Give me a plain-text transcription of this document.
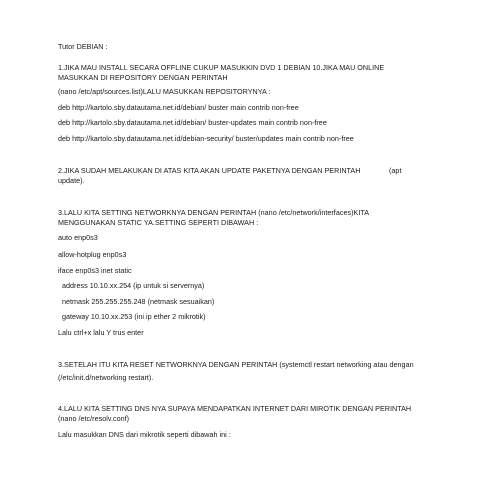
Tutor DEBIAN :
1.JIKA MAU INSTALL SECARA OFFLINE CUKUP MASUKKIN DVD 1 DEBIAN 10.JIKA MAU ONLINE
MASUKKAN DI REPOSITORY DENGAN PERINTAH
(nano /etc/apt/sources.list)LALU MASUKKAN REPOSITORYNYA :
deb http://kartolo.sby.datautama.net.id/debian/ buster main contrib non-free
deb http://kartolo.sby.datautama.net.id/debian/ buster-updates main contrib non-free
deb http://kartolo.sby.datautama.net.id/debian-security/ buster/updates main contrib non-free
2.JIKA SUDAH MELAKUKAN DI ATAS KITA AKAN UPDATE PAKETNYA DENGAN PERINTAH	(apt
update).
3.LALU KITA SETTING NETWORKNYA DENGAN PERINTAH (nano /etc/network/interfaces)KITA
MENGGUNAKAN STATIC YA.SETTING SEPERTI DIBAWAH :
auto enp0s3
allow-hotplug enp0s3
iface enp0s3 inet static
address 10.10.xx.254 (ip untuk si servernya)
netmask 255.255.255.248 (netmask sesuaikan)
gateway 10.10.xx.253 (ini ip ether 2 mikrotik)
Lalu ctrl+x lalu Y trus enter
3.SETELAH ITU KITA RESET NETWORKNYA DENGAN PERINTAH (systemctl restart networking atau dengan
(/etc/init.d/networking restart).
4.LALU KITA SETTING DNS NYA SUPAYA MENDAPATKAN INTERNET DARI MIROTIK DENGAN PERINTAH
(nano /etc/resolv.conf)
Lalu masukkan DNS dari mikrotik seperti dibawah ini :
